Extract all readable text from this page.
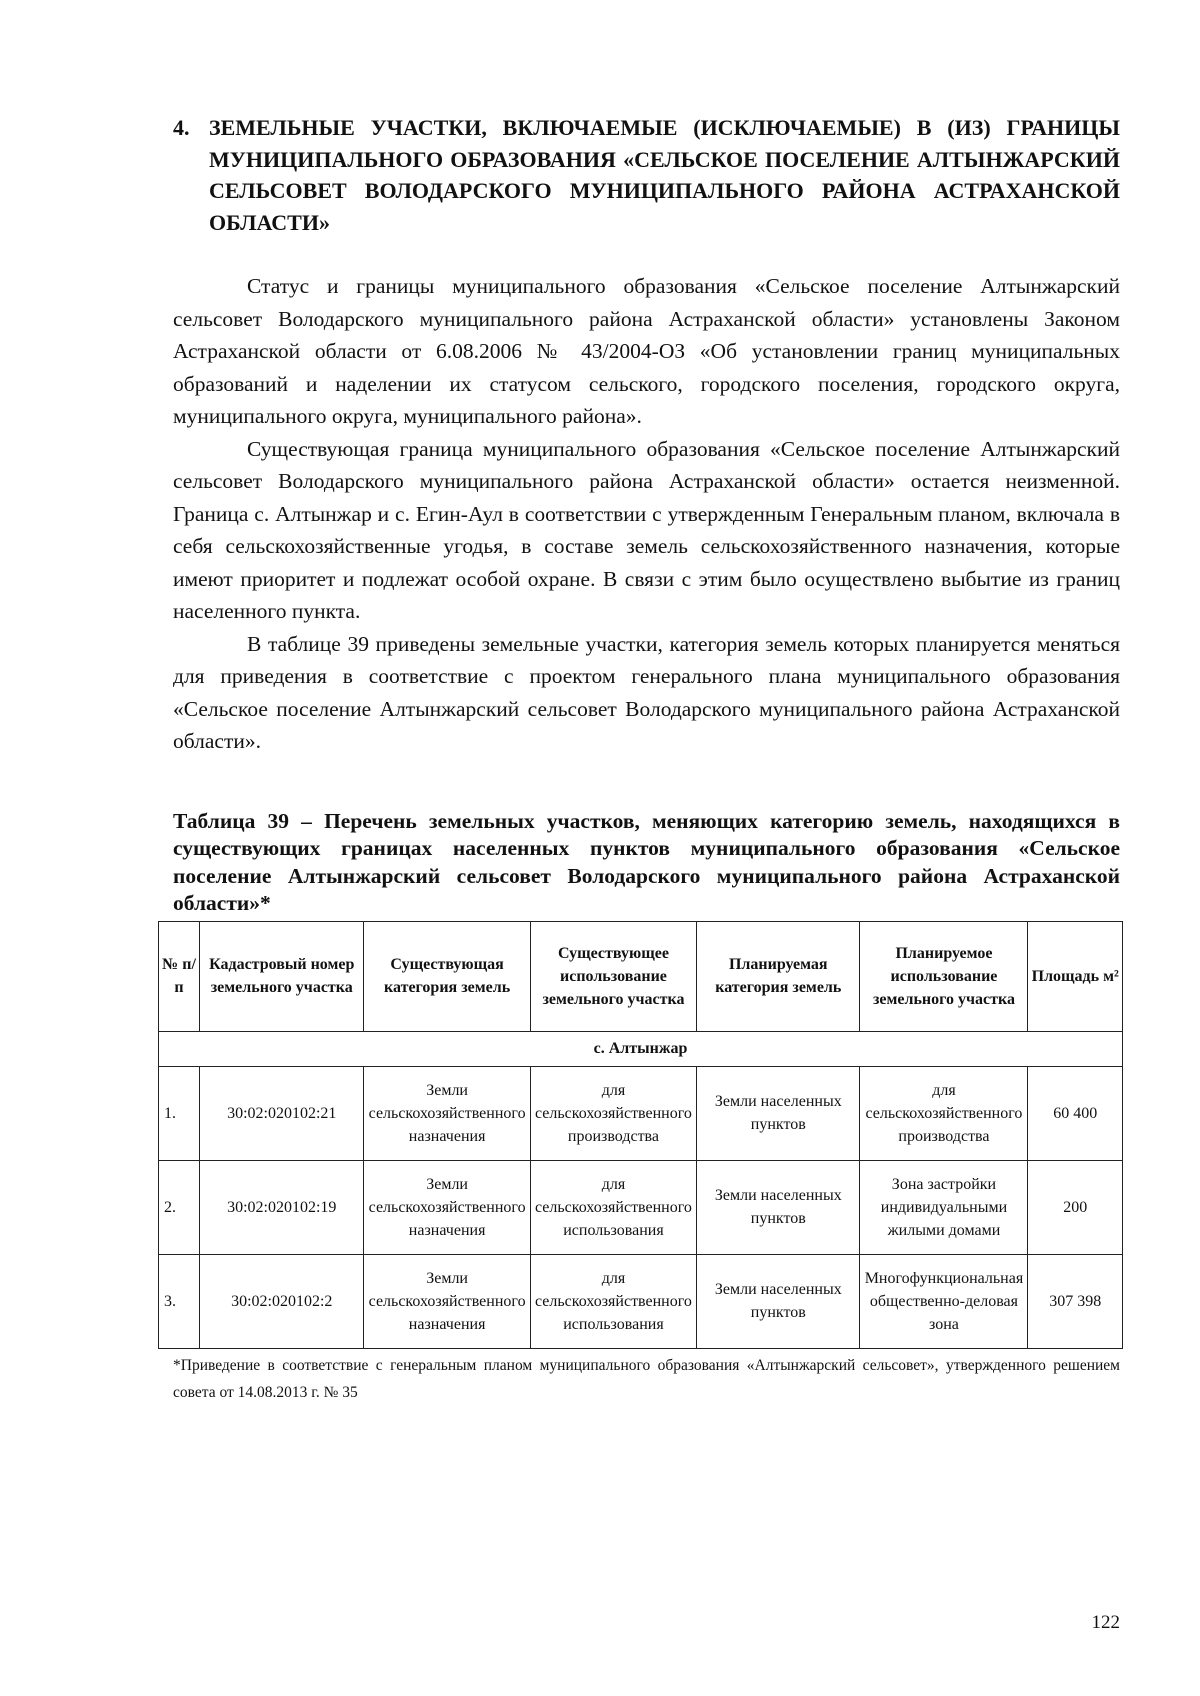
4. ЗЕМЕЛЬНЫЕ УЧАСТКИ, ВКЛЮЧАЕМЫЕ (ИСКЛЮЧАЕМЫЕ) В (ИЗ) ГРАНИЦЫ МУНИЦИПАЛЬНОГО ОБРАЗОВАНИЯ «СЕЛЬСКОЕ ПОСЕЛЕНИЕ АЛТЫНЖАРСКИЙ СЕЛЬСОВЕТ ВОЛОДАРСКОГО МУНИЦИПАЛЬНОГО РАЙОНА АСТРАХАНСКОЙ ОБЛАСТИ»

Статус и границы муниципального образования «Сельское поселение Алтынжарский сельсовет Володарского муниципального района Астраханской области» установлены Законом Астраханской области от 6.08.2006 № 43/2004-ОЗ «Об установлении границ муниципальных образований и наделении их статусом сельского, городского поселения, городского округа, муниципального округа, муниципального района».

Существующая граница муниципального образования «Сельское поселение Алтынжарский сельсовет Володарского муниципального района Астраханской области» остается неизменной. Граница с. Алтынжар и с. Егин-Аул в соответствии с утвержденным Генеральным планом, включала в себя сельскохозяйственные угодья, в составе земель сельскохозяйственного назначения, которые имеют приоритет и подлежат особой охране. В связи с этим было осуществлено выбытие из границ населенного пункта.

В таблице 39 приведены земельные участки, категория земель которых планируется меняться для приведения в соответствие с проектом генерального плана муниципального образования «Сельское поселение Алтынжарский сельсовет Володарского муниципального района Астраханской области».

Таблица 39 – Перечень земельных участков, меняющих категорию земель, находящихся в существующих границах населенных пунктов муниципального образования «Сельское поселение Алтынжарский сельсовет Володарского муниципального района Астраханской области»*
№ п/п	Кадастровый номер земельного участка	Существующая категория земель	Существующее использование земельного участка	Планируемая категория земель	Планируемое использование земельного участка	Площадь м²
с. Алтынжар						
1.	30:02:020102:21	Земли сельскохозяйственного назначения	для сельскохозяйственного производства	Земли населенных пунктов	для сельскохозяйственного производства	60 400
2.	30:02:020102:19	Земли сельскохозяйственного назначения	для сельскохозяйственного использования	Земли населенных пунктов	Зона застройки индивидуальными жилыми домами	200
3.	30:02:020102:2	Земли сельскохозяйственного назначения	для сельскохозяйственного использования	Земли населенных пунктов	Многофункциональная общественно-деловая зона	307 398
*Приведение в соответствие с генеральным планом муниципального образования «Алтынжарский сельсовет», утвержденного решением совета от 14.08.2013 г. № 35
122
